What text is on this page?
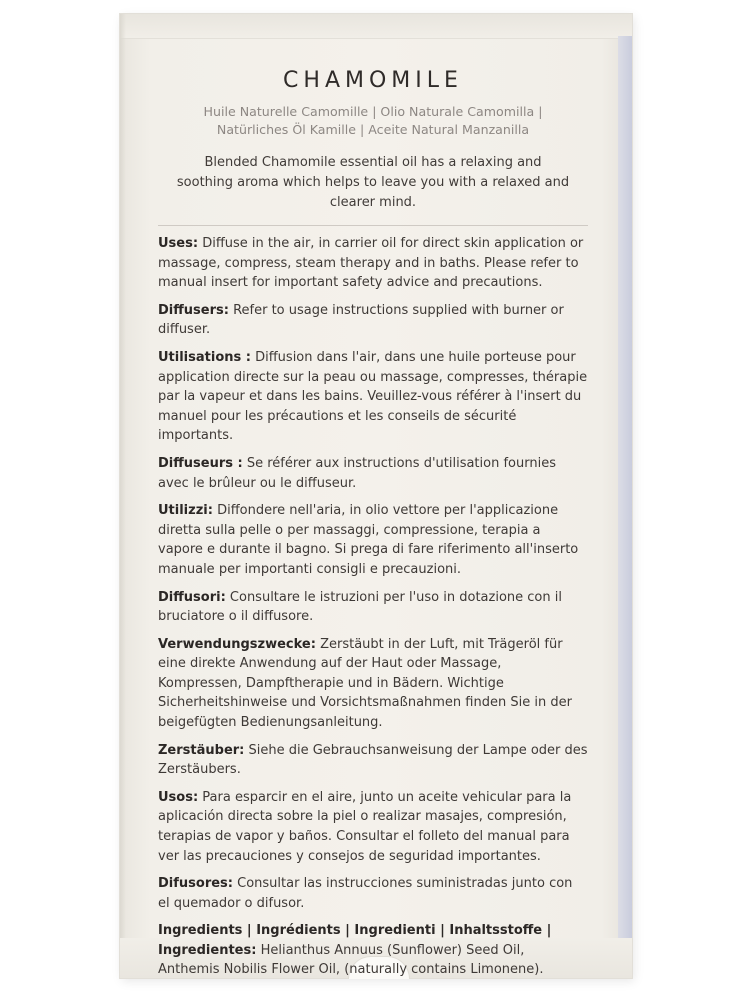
CHAMOMILE
Huile Naturelle Camomille | Olio Naturale Camomilla |
Natürliches Öl Kamille | Aceite Natural Manzanilla
Blended Chamomile essential oil has a relaxing and
soothing aroma which helps to leave you with a relaxed and
clearer mind.
Uses: Diffuse in the air, in carrier oil for direct skin application or massage, compress, steam therapy and in baths. Please refer to manual insert for important safety advice and precautions.
Diffusers: Refer to usage instructions supplied with burner or diffuser.
Utilisations : Diffusion dans l'air, dans une huile porteuse pour application directe sur la peau ou massage, compresses, thérapie par la vapeur et dans les bains. Veuillez-vous référer à l'insert du manuel pour les précautions et les conseils de sécurité importants.
Diffuseurs : Se référer aux instructions d'utilisation fournies avec le brûleur ou le diffuseur.
Utilizzi: Diffondere nell'aria, in olio vettore per l'applicazione diretta sulla pelle o per massaggi, compressione, terapia a vapore e durante il bagno. Si prega di fare riferimento all'inserto manuale per importanti consigli e precauzioni.
Diffusori: Consultare le istruzioni per l'uso in dotazione con il bruciatore o il diffusore.
Verwendungszwecke: Zerstäubt in der Luft, mit Trägeröl für eine direkte Anwendung auf der Haut oder Massage, Kompressen, Dampftherapie und in Bädern. Wichtige Sicherheitshinweise und Vorsichtsmaßnahmen finden Sie in der beigefügten Bedienungsanleitung.
Zerstäuber: Siehe die Gebrauchsanweisung der Lampe oder des Zerstäubers.
Usos: Para esparcir en el aire, junto un aceite vehicular para la aplicación directa sobre la piel o realizar masajes, compresión, terapias de vapor y baños. Consultar el folleto del manual para ver las precauciones y consejos de seguridad importantes.
Difusores: Consultar las instrucciones suministradas junto con el quemador o difusor.
Ingredients | Ingrédients | Ingredienti | Inhaltsstoffe |
Ingredientes: Helianthus Annuus (Sunflower) Seed Oil, Anthemis Nobilis Flower Oil, (naturally contains Limonene).
